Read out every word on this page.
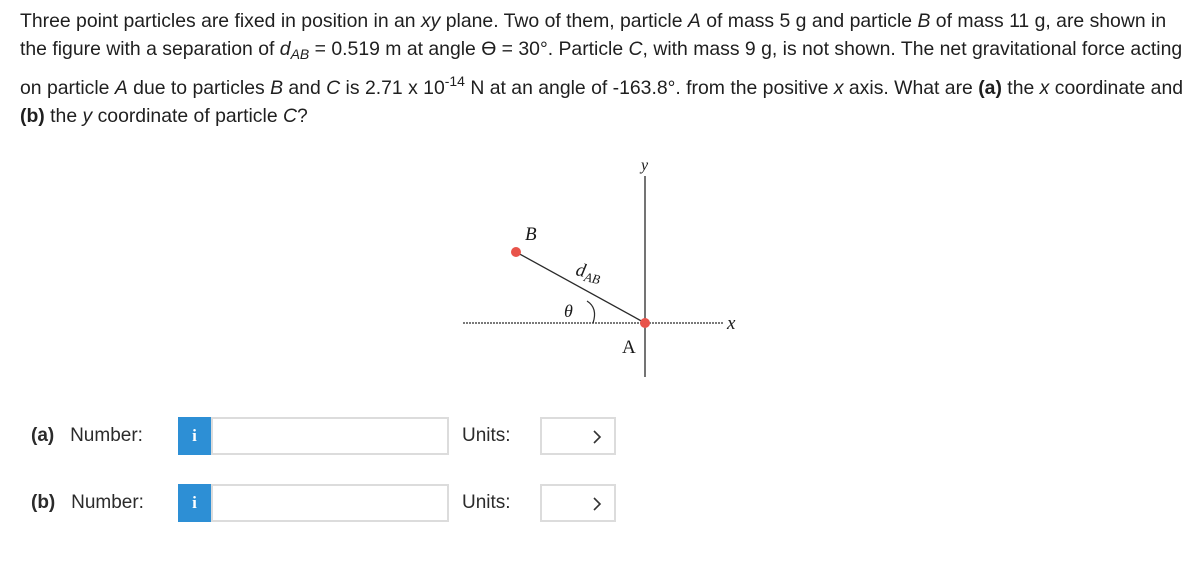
Three point particles are fixed in position in an xy plane. Two of them, particle A of mass 5 g and particle B of mass 11 g, are shown in the figure with a separation of $d_{AB} = 0.519$ m at angle ϴ = 30°. Particle C, with mass 9 g, is not shown. The net gravitational force acting on particle A due to particles B and C is 2.71 x $10^{-14}$ N at an angle of -163.8°. from the positive x axis. What are (a) the x coordinate and (b) the y coordinate of particle C?
B
$d_{AB}$
θ
A
x
y
(a) Number:	i	Units:
(b) Number:	i	Units:
